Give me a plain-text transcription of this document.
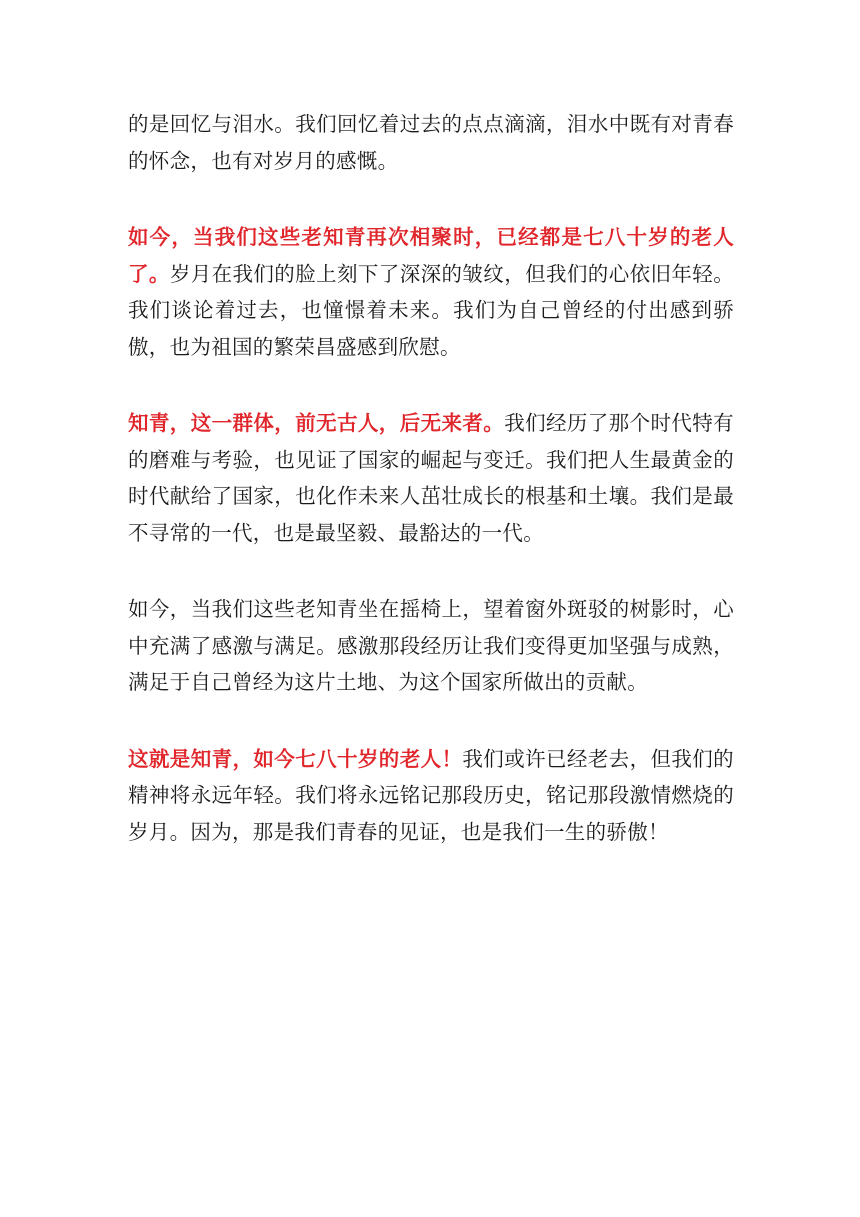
的是回忆与泪水。我们回忆着过去的点点滴滴，泪水中既有对青春的怀念，也有对岁月的感慨。

如今，当我们这些老知青再次相聚时，已经都是七八十岁的老人了。岁月在我们的脸上刻下了深深的皱纹，但我们的心依旧年轻。我们谈论着过去，也憧憬着未来。我们为自己曾经的付出感到骄傲，也为祖国的繁荣昌盛感到欣慰。

知青，这一群体，前无古人，后无来者。我们经历了那个时代特有的磨难与考验，也见证了国家的崛起与变迁。我们把人生最黄金的时代献给了国家，也化作未来人茁壮成长的根基和土壤。我们是最不寻常的一代，也是最坚毅、最豁达的一代。

如今，当我们这些老知青坐在摇椅上，望着窗外斑驳的树影时，心中充满了感激与满足。感激那段经历让我们变得更加坚强与成熟，满足于自己曾经为这片土地、为这个国家所做出的贡献。

这就是知青，如今七八十岁的老人！我们或许已经老去，但我们的精神将永远年轻。我们将永远铭记那段历史，铭记那段激情燃烧的岁月。因为，那是我们青春的见证，也是我们一生的骄傲！
